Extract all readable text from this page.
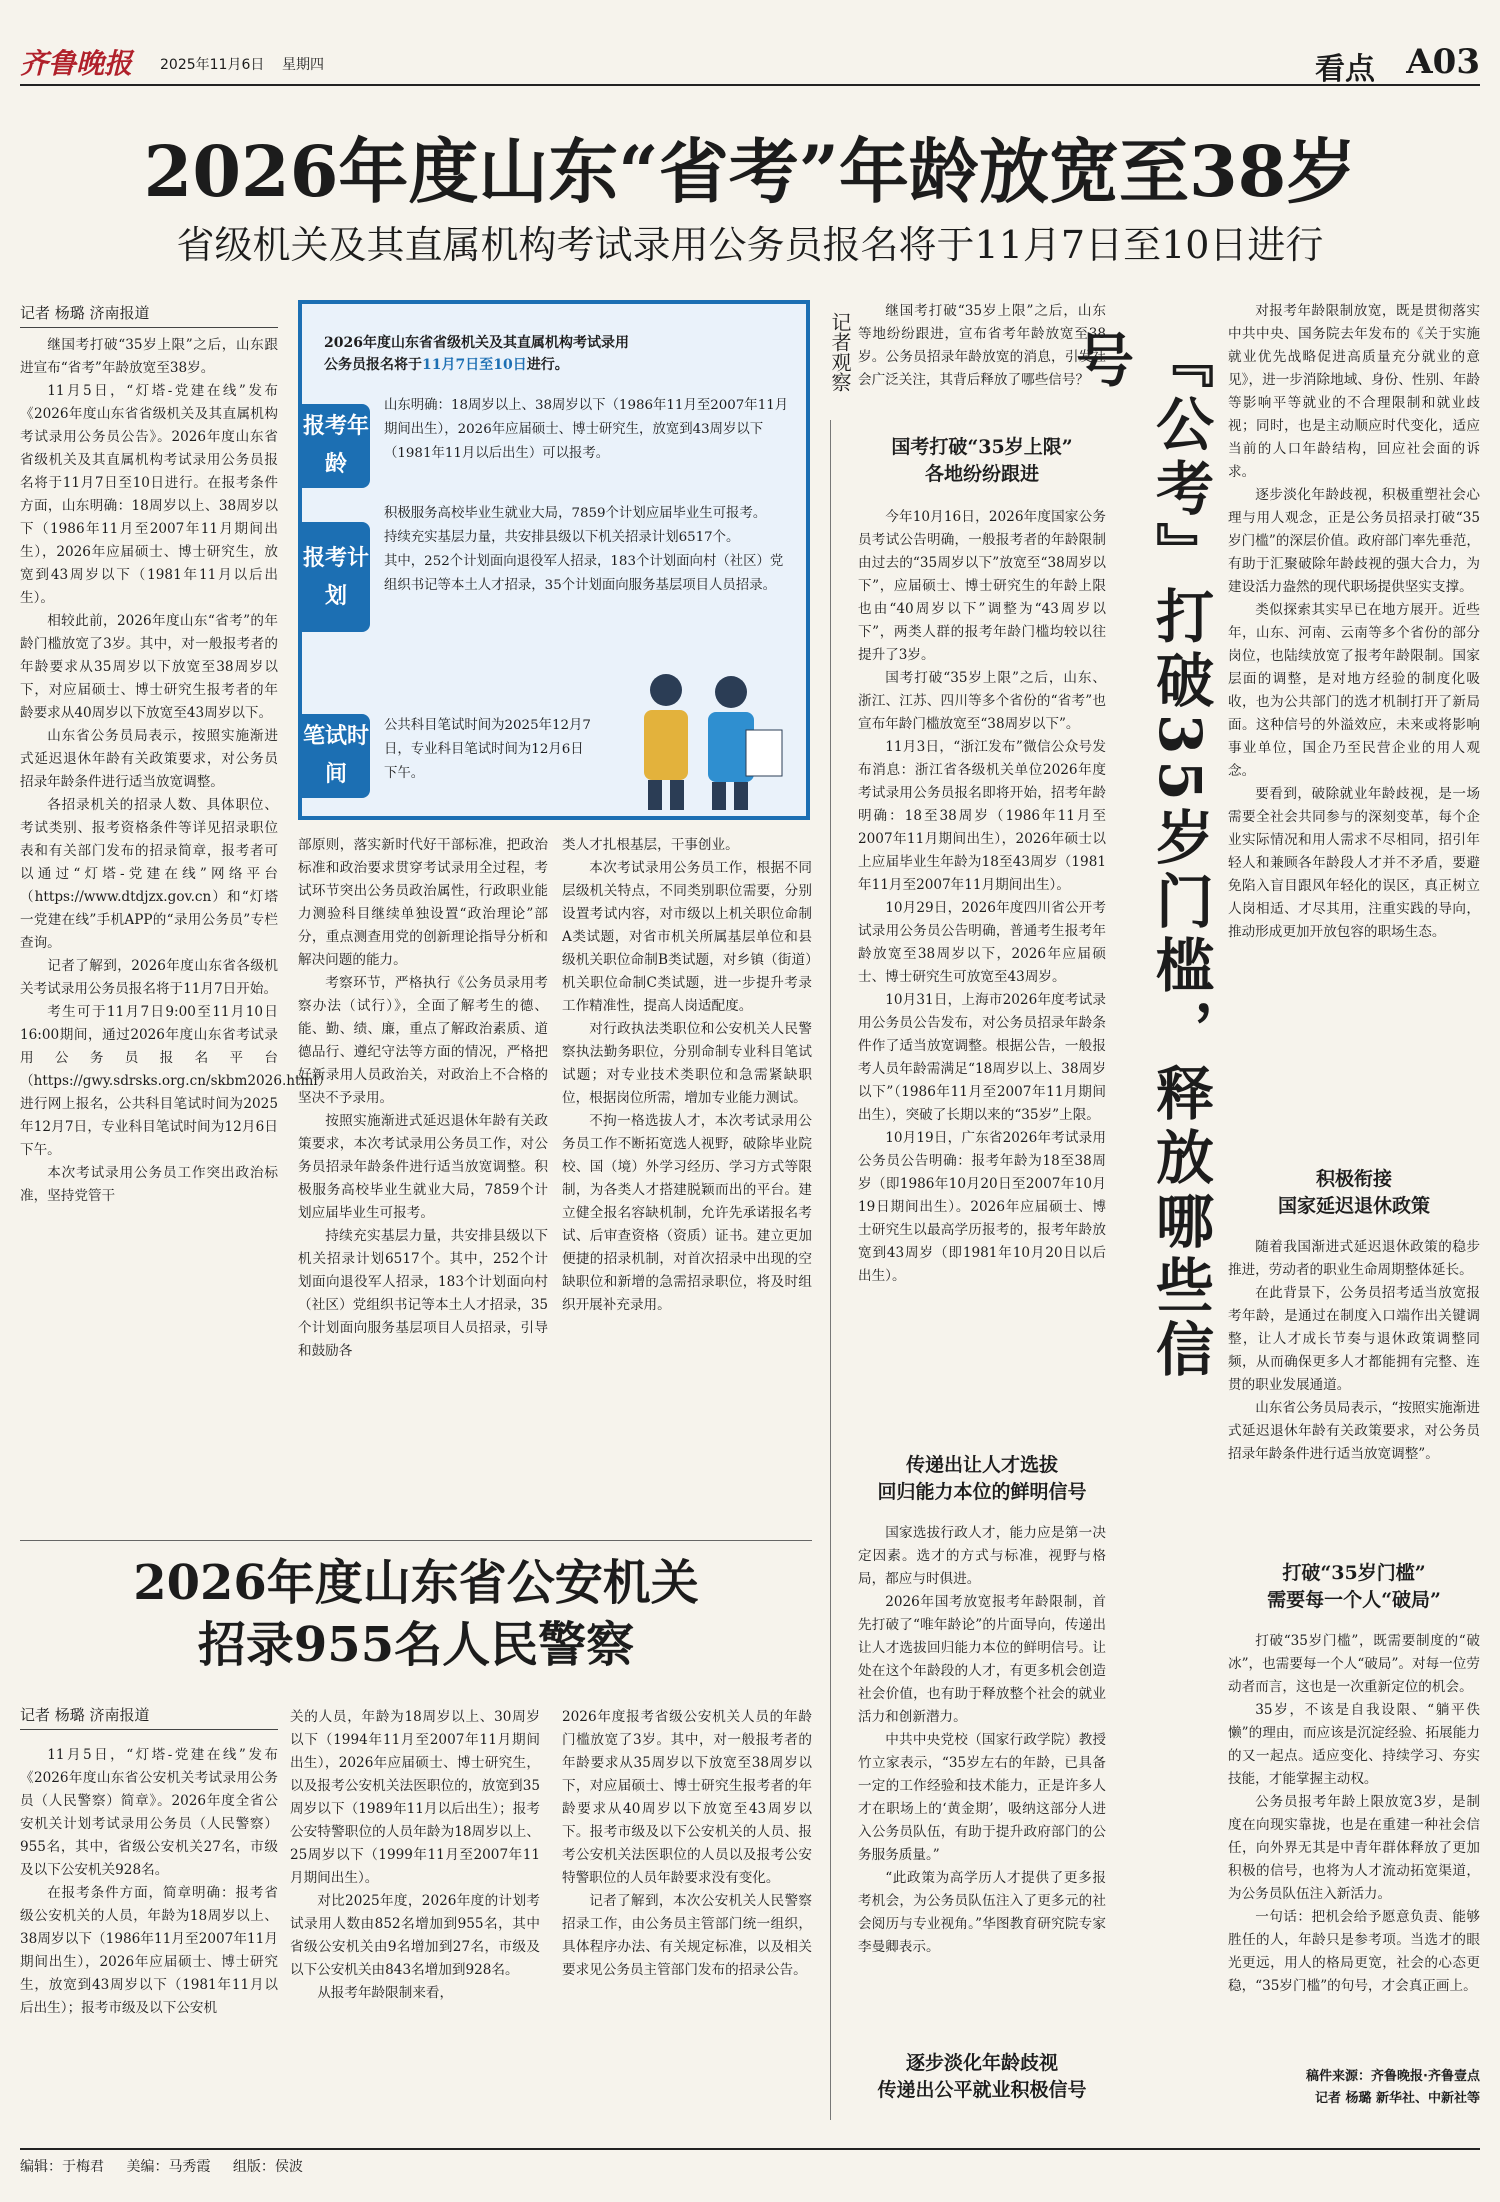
齐鲁晚报 2025年11月6日 星期四	看点 A03
2026年度山东“省考”年龄放宽至38岁
省级机关及其直属机构考试录用公务员报名将于11月7日至10日进行
记者 杨璐 济南报道

继国考打破“35岁上限”之后，山东跟进宣布“省考”年龄放宽至38岁。

11月5日，“灯塔-党建在线”发布《2026年度山东省省级机关及其直属机构考试录用公务员公告》。2026年度山东省省级机关及其直属机构考试录用公务员报名将于11月7日至10日进行。在报考条件方面，山东明确：18周岁以上、38周岁以下（1986年11月至2007年11月期间出生），2026年应届硕士、博士研究生，放宽到43周岁以下（1981年11月以后出生）。

相较此前，2026年度山东“省考”的年龄门槛放宽了3岁。其中，对一般报考者的年龄要求从35周岁以下放宽至38周岁以下，对应届硕士、博士研究生报考者的年龄要求从40周岁以下放宽至43周岁以下。

山东省公务员局表示，按照实施渐进式延迟退休年龄有关政策要求，对公务员招录年龄条件进行适当放宽调整。

各招录机关的招录人数、具体职位、考试类别、报考资格条件等详见招录职位表和有关部门发布的招录简章，报考者可以通过“灯塔-党建在线”网络平台（https://www.dtdjzx.gov.cn）和“灯塔一党建在线”手机APP的“录用公务员”专栏查询。

记者了解到，2026年度山东省各级机关考试录用公务员报名将于11月7日开始。

考生可于11月7日9:00至11月10日16:00期间，通过2026年度山东省考试录用公务员报名平台（https://gwy.sdrsks.org.cn/skbm2026.html）进行网上报名，公共科目笔试时间为2025年12月7日，专业科目笔试时间为12月6日下午。

本次考试录用公务员工作突出政治标准，坚持党管干

2026年度山东省省级机关及其直属机构考试录用
公务员报名将于11月7日至10日进行。
报考年龄
山东明确：18周岁以上、38周岁以下（1986年11月至2007年11月期间出生），2026年应届硕士、博士研究生，放宽到43周岁以下（1981年11月以后出生）可以报考。
报考计划
积极服务高校毕业生就业大局，7859个计划应届毕业生可报考。
持续充实基层力量，共安排县级以下机关招录计划6517个。
其中，252个计划面向退役军人招录，183个计划面向村（社区）党组织书记等本土人才招录，35个计划面向服务基层项目人员招录。
笔试时间
公共科目笔试时间为2025年12月7日，专业科目笔试时间为12月6日下午。

部原则，落实新时代好干部标准，把政治标准和政治要求贯穿考试录用全过程，考试环节突出公务员政治属性，行政职业能力测验科目继续单独设置“政治理论”部分，重点测查用党的创新理论指导分析和解决问题的能力。

考察环节，严格执行《公务员录用考察办法（试行）》，全面了解考生的德、能、勤、绩、廉，重点了解政治素质、道德品行、遵纪守法等方面的情况，严格把好新录用人员政治关，对政治上不合格的坚决不予录用。

按照实施渐进式延迟退休年龄有关政策要求，本次考试录用公务员工作，对公务员招录年龄条件进行适当放宽调整。积极服务高校毕业生就业大局，7859个计划应届毕业生可报考。

持续充实基层力量，共安排县级以下机关招录计划6517个。其中，252个计划面向退役军人招录，183个计划面向村（社区）党组织书记等本土人才招录，35个计划面向服务基层项目人员招录，引导和鼓励各

类人才扎根基层，干事创业。

本次考试录用公务员工作，根据不同层级机关特点，不同类别职位需要，分别设置考试内容，对市级以上机关职位命制A类试题，对省市机关所属基层单位和县级机关职位命制B类试题，对乡镇（街道）机关职位命制C类试题，进一步提升考录工作精准性，提高人岗适配度。

对行政执法类职位和公安机关人民警察执法勤务职位，分别命制专业科目笔试试题；对专业技术类职位和急需紧缺职位，根据岗位所需，增加专业能力测试。

不拘一格选拔人才，本次考试录用公务员工作不断拓宽选人视野，破除毕业院校、国（境）外学习经历、学习方式等限制，为各类人才搭建脱颖而出的平台。建立健全报名容缺机制，允许先承诺报名考试、后审查资格（资质）证书。建立更加便捷的招录机制，对首次招录中出现的空缺职位和新增的急需招录职位，将及时组织开展补充录用。

2026年度山东省公安机关
招录955名人民警察
记者 杨璐 济南报道

11月5日，“灯塔-党建在线”发布《2026年度山东省公安机关考试录用公务员（人民警察）简章》。2026年度全省公安机关计划考试录用公务员（人民警察）955名，其中，省级公安机关27名，市级及以下公安机关928名。

在报考条件方面，简章明确：报考省级公安机关的人员，年龄为18周岁以上、38周岁以下（1986年11月至2007年11月期间出生），2026年应届硕士、博士研究生，放宽到43周岁以下（1981年11月以后出生）；报考市级及以下公安机

关的人员，年龄为18周岁以上、30周岁以下（1994年11月至2007年11月期间出生），2026年应届硕士、博士研究生，以及报考公安机关法医职位的，放宽到35周岁以下（1989年11月以后出生）；报考公安特警职位的人员年龄为18周岁以上、25周岁以下（1999年11月至2007年11月期间出生）。

对比2025年度，2026年度的计划考试录用人数由852名增加到955名，其中省级公安机关由9名增加到27名，市级及以下公安机关由843名增加到928名。

从报考年龄限制来看，

2026年度报考省级公安机关人员的年龄门槛放宽了3岁。其中，对一般报考者的年龄要求从35周岁以下放宽至38周岁以下，对应届硕士、博士研究生报考者的年龄要求从40周岁以下放宽至43周岁以下。报考市级及以下公安机关的人员、报考公安机关法医职位的人员以及报考公安特警职位的人员年龄要求没有变化。

记者了解到，本次公安机关人民警察招录工作，由公务员主管部门统一组织，具体程序办法、有关规定标准，以及相关要求见公务员主管部门发布的招录公告。

记者观察

继国考打破“35岁上限”之后，山东等地纷纷跟进，宣布省考年龄放宽至38岁。公务员招录年龄放宽的消息，引发社会广泛关注，其背后释放了哪些信号？

国考打破“35岁上限”
各地纷纷跟进

今年10月16日，2026年度国家公务员考试公告明确，一般报考者的年龄限制由过去的“35周岁以下”放宽至“38周岁以下”，应届硕士、博士研究生的年龄上限也由“40周岁以下”调整为“43周岁以下”，两类人群的报考年龄门槛均较以往提升了3岁。

国考打破“35岁上限”之后，山东、浙江、江苏、四川等多个省份的“省考”也宣布年龄门槛放宽至“38周岁以下”。

11月3日，“浙江发布”微信公众号发布消息：浙江省各级机关单位2026年度考试录用公务员报名即将开始，招考年龄明确：18至38周岁（1986年11月至2007年11月期间出生），2026年硕士以上应届毕业生年龄为18至43周岁（1981年11月至2007年11月期间出生）。

10月29日，2026年度四川省公开考试录用公务员公告明确，普通考生报考年龄放宽至38周岁以下，2026年应届硕士、博士研究生可放宽至43周岁。

10月31日，上海市2026年度考试录用公务员公告发布，对公务员招录年龄条件作了适当放宽调整。根据公告，一般报考人员年龄需满足“18周岁以上、38周岁以下”（1986年11月至2007年11月期间出生），突破了长期以来的“35岁”上限。

10月19日，广东省2026年考试录用公务员公告明确：报考年龄为18至38周岁（即1986年10月20日至2007年10月19日期间出生）。2026年应届硕士、博士研究生以最高学历报考的，报考年龄放宽到43周岁（即1981年10月20日以后出生）。

传递出让人才选拔
回归能力本位的鲜明信号

国家选拔行政人才，能力应是第一决定因素。选才的方式与标准，视野与格局，都应与时俱进。

2026年国考放宽报考年龄限制，首先打破了“唯年龄论”的片面导向，传递出让人才选拔回归能力本位的鲜明信号。让处在这个年龄段的人才，有更多机会创造社会价值，也有助于释放整个社会的就业活力和创新潜力。

中共中央党校（国家行政学院）教授竹立家表示，“35岁左右的年龄，已具备一定的工作经验和技术能力，正是许多人才在职场上的‘黄金期’，吸纳这部分人进入公务员队伍，有助于提升政府部门的公务服务质量。”

“此政策为高学历人才提供了更多报考机会，为公务员队伍注入了更多元的社会阅历与专业视角。”华图教育研究院专家李曼卿表示。

逐步淡化年龄歧视
传递出公平就业积极信号
『公考』打破35岁门槛，释放哪些信号

对报考年龄限制放宽，既是贯彻落实中共中央、国务院去年发布的《关于实施就业优先战略促进高质量充分就业的意见》，进一步消除地域、身份、性别、年龄等影响平等就业的不合理限制和就业歧视；同时，也是主动顺应时代变化，适应当前的人口年龄结构，回应社会面的诉求。

逐步淡化年龄歧视，积极重塑社会心理与用人观念，正是公务员招录打破“35岁门槛”的深层价值。政府部门率先垂范，有助于汇聚破除年龄歧视的强大合力，为建设活力盎然的现代职场提供坚实支撑。

类似探索其实早已在地方展开。近些年，山东、河南、云南等多个省份的部分岗位，也陆续放宽了报考年龄限制。国家层面的调整，是对地方经验的制度化吸收，也为公共部门的选才机制打开了新局面。这种信号的外溢效应，未来或将影响事业单位，国企乃至民营企业的用人观念。

要看到，破除就业年龄歧视，是一场需要全社会共同参与的深刻变革，每个企业实际情况和用人需求不尽相同，招引年轻人和兼顾各年龄段人才并不矛盾，要避免陷入盲目跟风年轻化的误区，真正树立人岗相适、才尽其用，注重实践的导向，推动形成更加开放包容的职场生态。

积极衔接
国家延迟退休政策

随着我国渐进式延迟退休政策的稳步推进，劳动者的职业生命周期整体延长。

在此背景下，公务员招考适当放宽报考年龄，是通过在制度入口端作出关键调整，让人才成长节奏与退休政策调整同频，从而确保更多人才都能拥有完整、连贯的职业发展通道。

山东省公务员局表示，“按照实施渐进式延迟退休年龄有关政策要求，对公务员招录年龄条件进行适当放宽调整”。

打破“35岁门槛”
需要每一个人“破局”

打破“35岁门槛”，既需要制度的“破冰”，也需要每一个人“破局”。对每一位劳动者而言，这也是一次重新定位的机会。

35岁，不该是自我设限、“躺平佚懒”的理由，而应该是沉淀经验、拓展能力的又一起点。适应变化、持续学习、夯实技能，才能掌握主动权。

公务员报考年龄上限放宽3岁，是制度在向现实靠拢，也是在重建一种社会信任，向外界无其是中青年群体释放了更加积极的信号，也将为人才流动拓宽渠道，为公务员队伍注入新活力。

一句话：把机会给予愿意负责、能够胜任的人，年龄只是参考项。当选才的眼光更远，用人的格局更宽，社会的心态更稳，“35岁门槛”的句号，才会真正画上。

稿件来源：齐鲁晚报·齐鲁壹点
记者 杨璐 新华社、中新社等
编辑：于梅君 美编：马秀霞 组版：侯波
